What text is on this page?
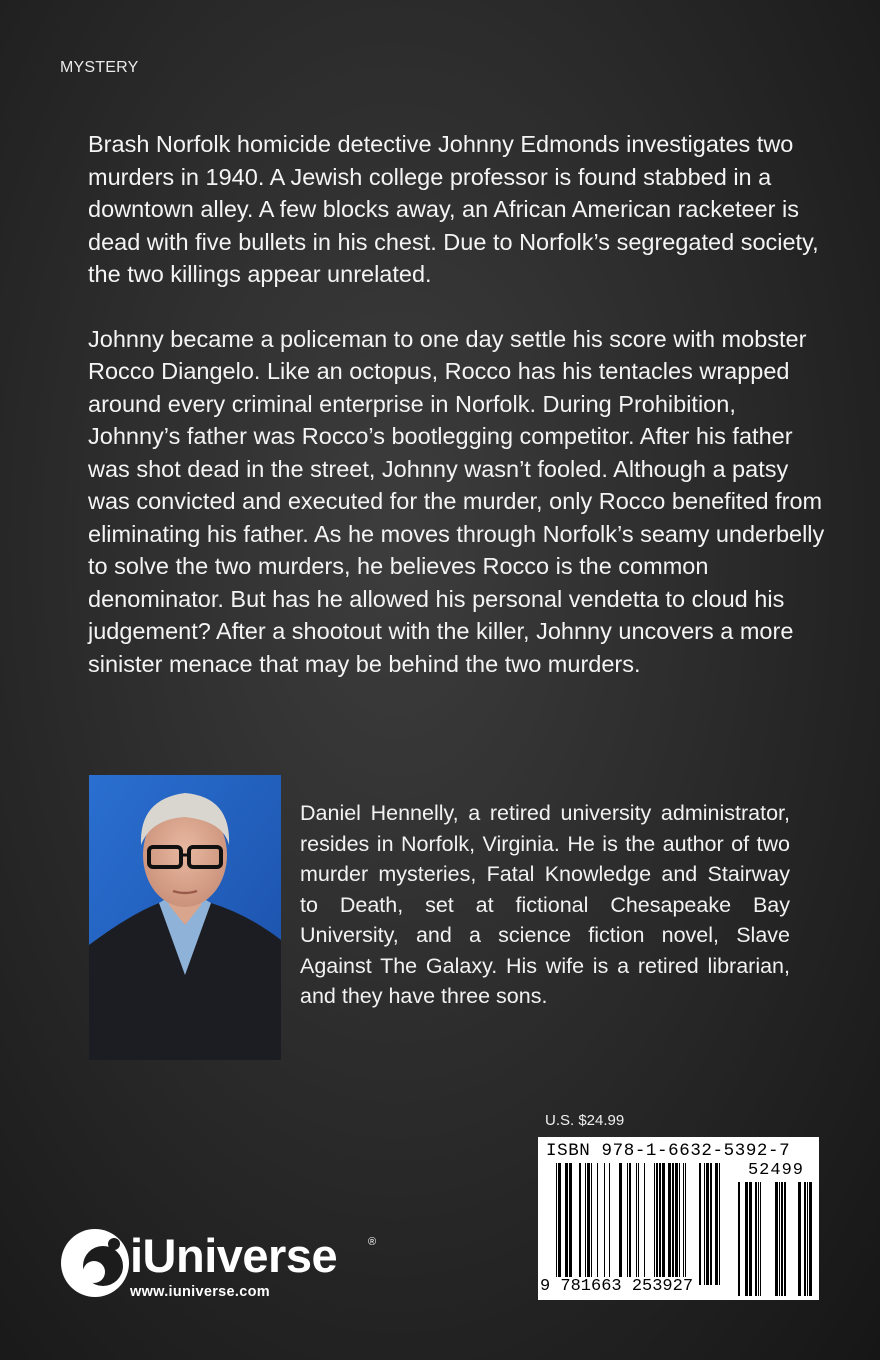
MYSTERY

Brash Norfolk homicide detective Johnny Edmonds investigates two murders in 1940. A Jewish college professor is found stabbed in a downtown alley. A few blocks away, an African American racketeer is dead with five bullets in his chest. Due to Norfolk’s segregated society, the two killings appear unrelated.

Johnny became a policeman to one day settle his score with mobster Rocco Diangelo. Like an octopus, Rocco has his tentacles wrapped around every criminal enterprise in Norfolk. During Prohibition, Johnny’s father was Rocco’s bootlegging competitor. After his father was shot dead in the street, Johnny wasn’t fooled. Although a patsy was convicted and executed for the murder, only Rocco benefited from eliminating his father. As he moves through Norfolk’s seamy underbelly to solve the two murders, he believes Rocco is the common denominator. But has he allowed his personal vendetta to cloud his judgement? After a shootout with the killer, Johnny uncovers a more sinister menace that may be behind the two murders.

Daniel Hennelly, a retired university administrator, resides in Norfolk, Virginia. He is the author of two murder mysteries, Fatal Knowledge and Stairway to Death, set at fictional Chesapeake Bay University, and a science fiction novel, Slave Against The Galaxy. His wife is a retired librarian, and they have three sons.
U.S. $24.99
ISBN 978-1-6632-5392-7
52499
9 781663 253927
iUniverse	®
www.iuniverse.com
